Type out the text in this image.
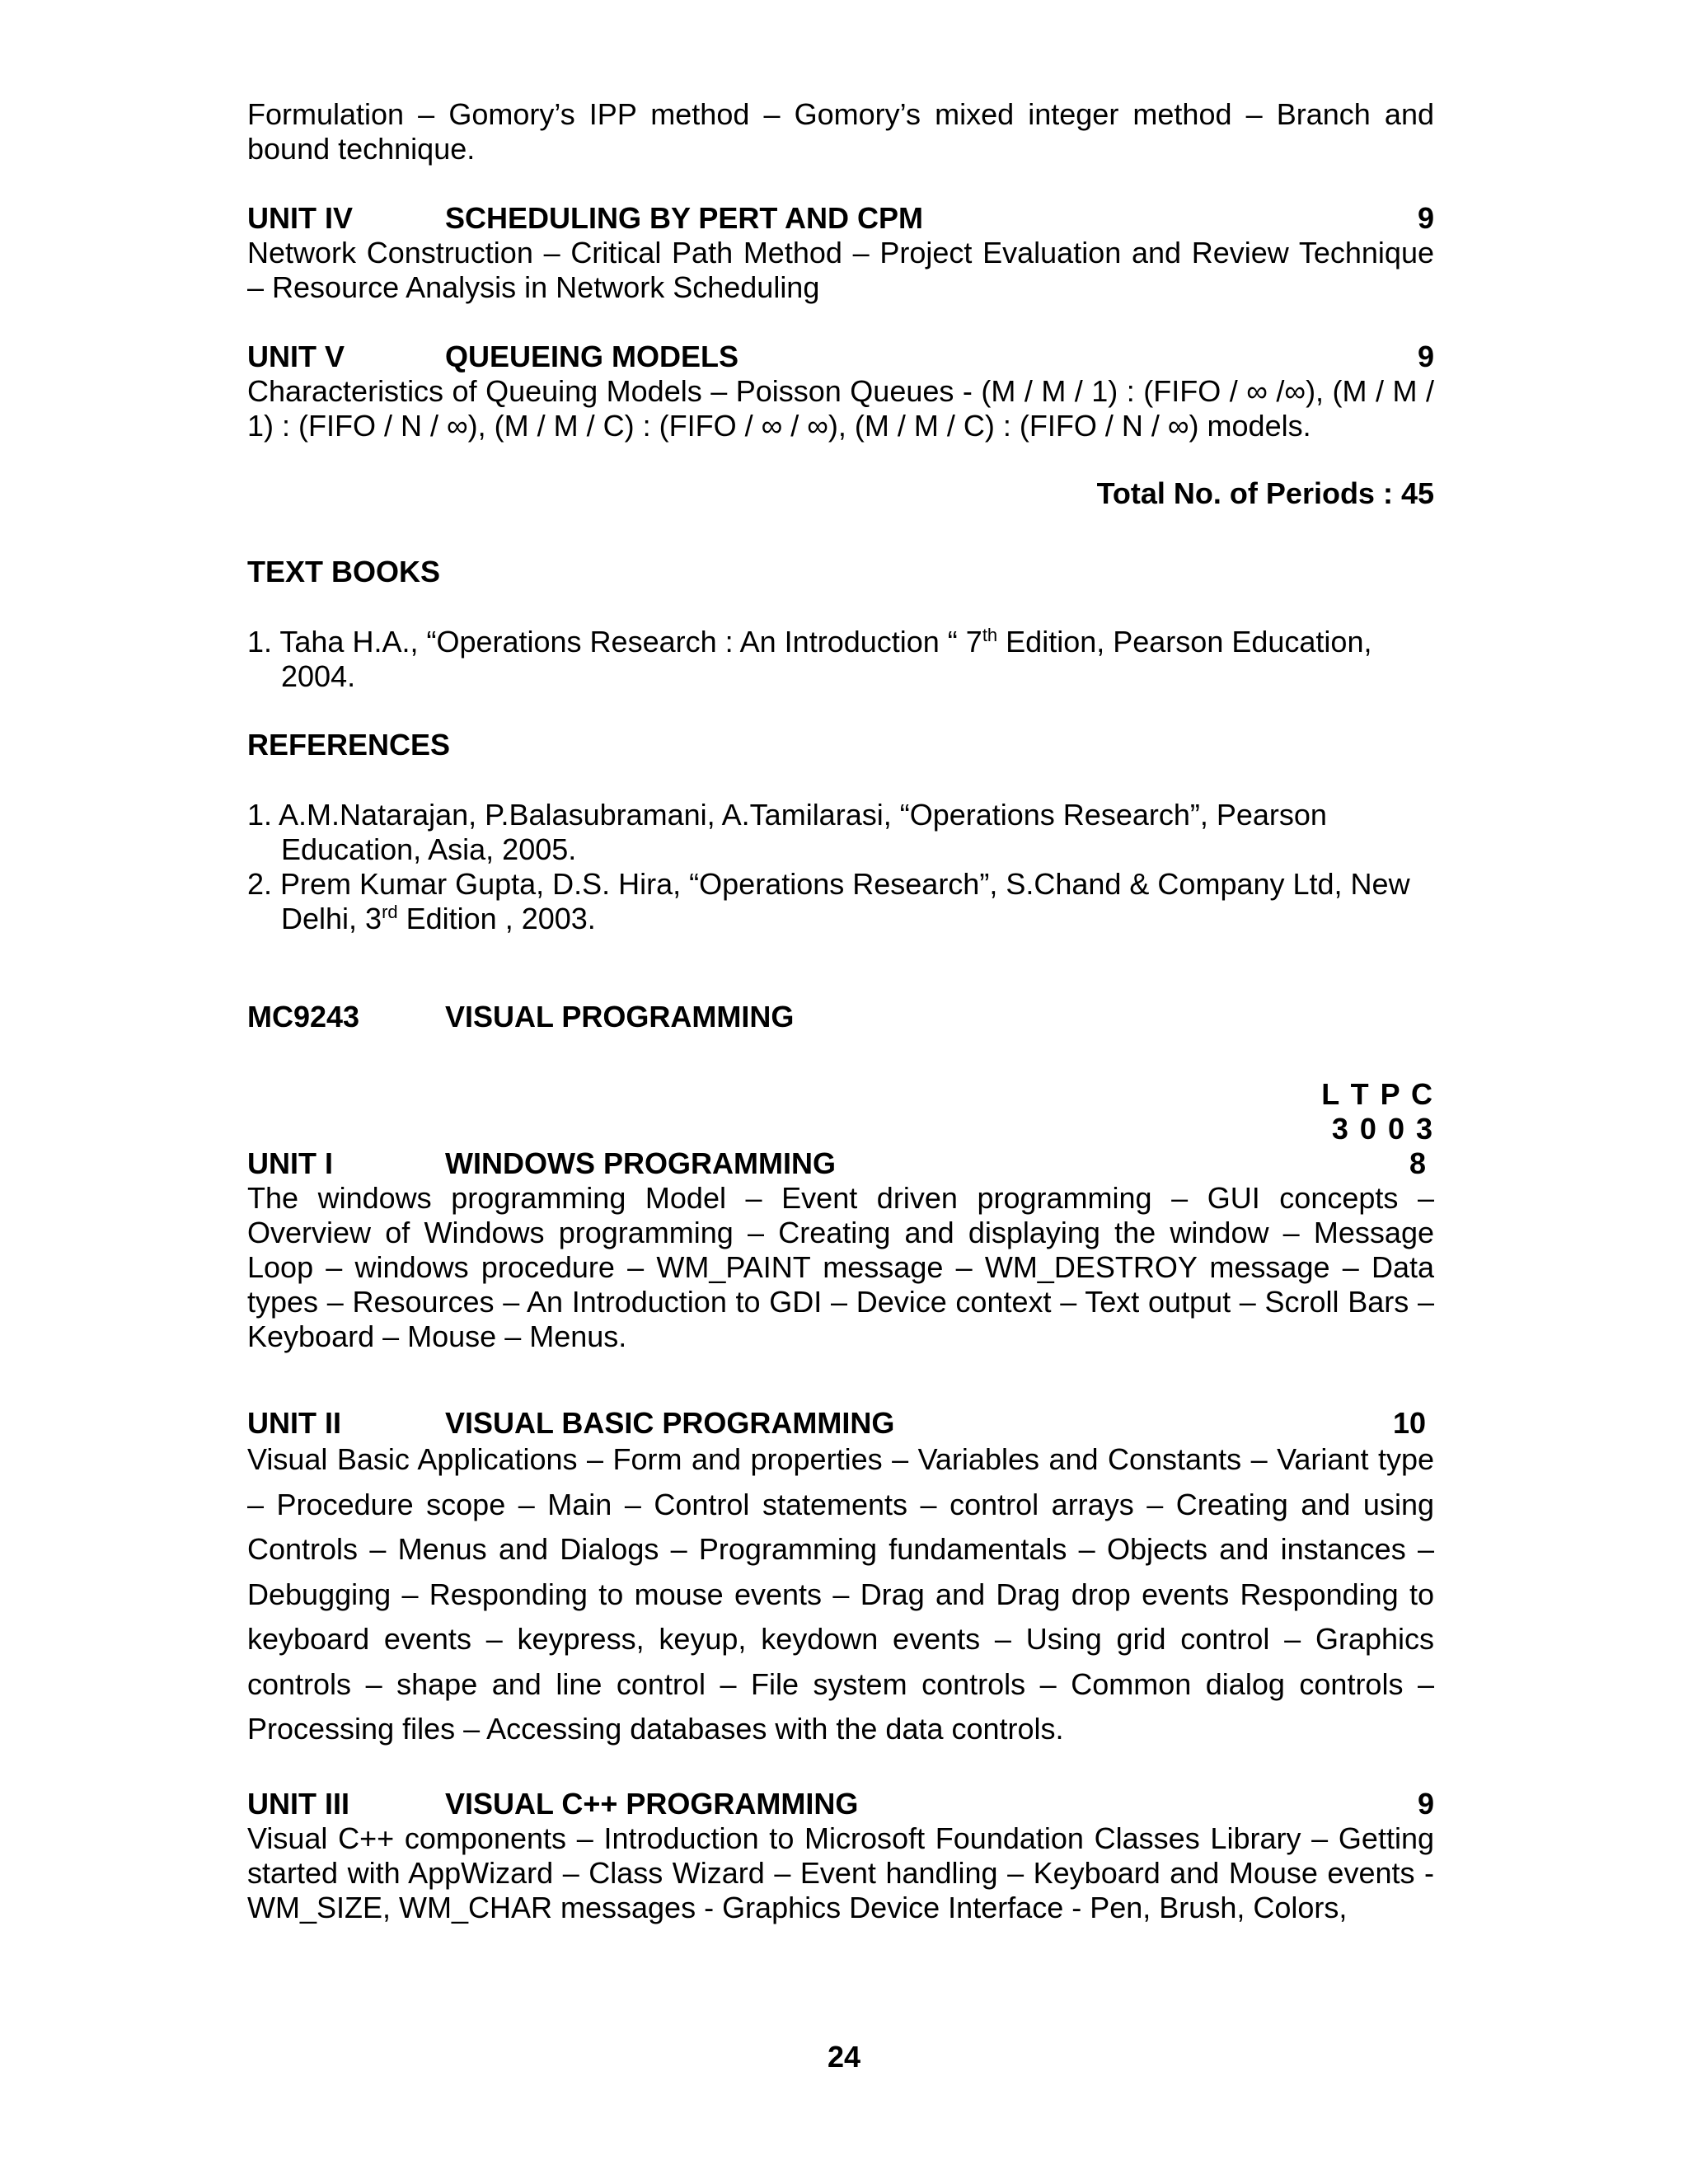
Formulation – Gomory’s IPP method – Gomory’s mixed integer method – Branch and bound technique.

UNIT IV	SCHEDULING BY PERT AND CPM	9

Network Construction – Critical Path Method – Project Evaluation and Review Technique – Resource Analysis in Network Scheduling

UNIT V	QUEUEING MODELS	9

Characteristics of Queuing Models – Poisson Queues - (M / M / 1) : (FIFO / ∞ /∞), (M / M / 1) : (FIFO / N / ∞), (M / M / C) : (FIFO / ∞ / ∞), (M / M / C) : (FIFO / N / ∞) models.

Total No. of Periods : 45
TEXT BOOKS
1. Taha H.A., “Operations Research : An Introduction “ 7th Edition, Pearson Education, 2004.
REFERENCES
1. A.M.Natarajan, P.Balasubramani, A.Tamilarasi, “Operations Research”, Pearson Education, Asia, 2005.
2. Prem Kumar Gupta, D.S. Hira, “Operations Research”, S.Chand & Company Ltd, New Delhi, 3rd Edition , 2003.
MC9243	VISUAL PROGRAMMING
L T P C
3 0 0 3
UNIT I	WINDOWS PROGRAMMING	8

The windows programming Model – Event driven programming – GUI concepts – Overview of Windows programming – Creating and displaying the window – Message Loop – windows procedure – WM_PAINT message – WM_DESTROY message – Data types – Resources – An Introduction to GDI – Device context – Text output – Scroll Bars – Keyboard – Mouse – Menus.

UNIT II	VISUAL BASIC PROGRAMMING	10

Visual Basic Applications – Form and properties – Variables and Constants – Variant type – Procedure scope – Main – Control statements – control arrays – Creating and using Controls – Menus and Dialogs – Programming fundamentals – Objects and instances – Debugging – Responding to mouse events – Drag and Drag drop events Responding to keyboard events – keypress, keyup, keydown events – Using grid control – Graphics controls – shape and line control – File system controls – Common dialog controls – Processing files – Accessing databases with the data controls.

UNIT III	VISUAL C++ PROGRAMMING	9

Visual C++ components – Introduction to Microsoft Foundation Classes Library – Getting started with AppWizard – Class Wizard – Event handling – Keyboard and Mouse events - WM_SIZE, WM_CHAR messages - Graphics Device Interface - Pen, Brush, Colors,

24
